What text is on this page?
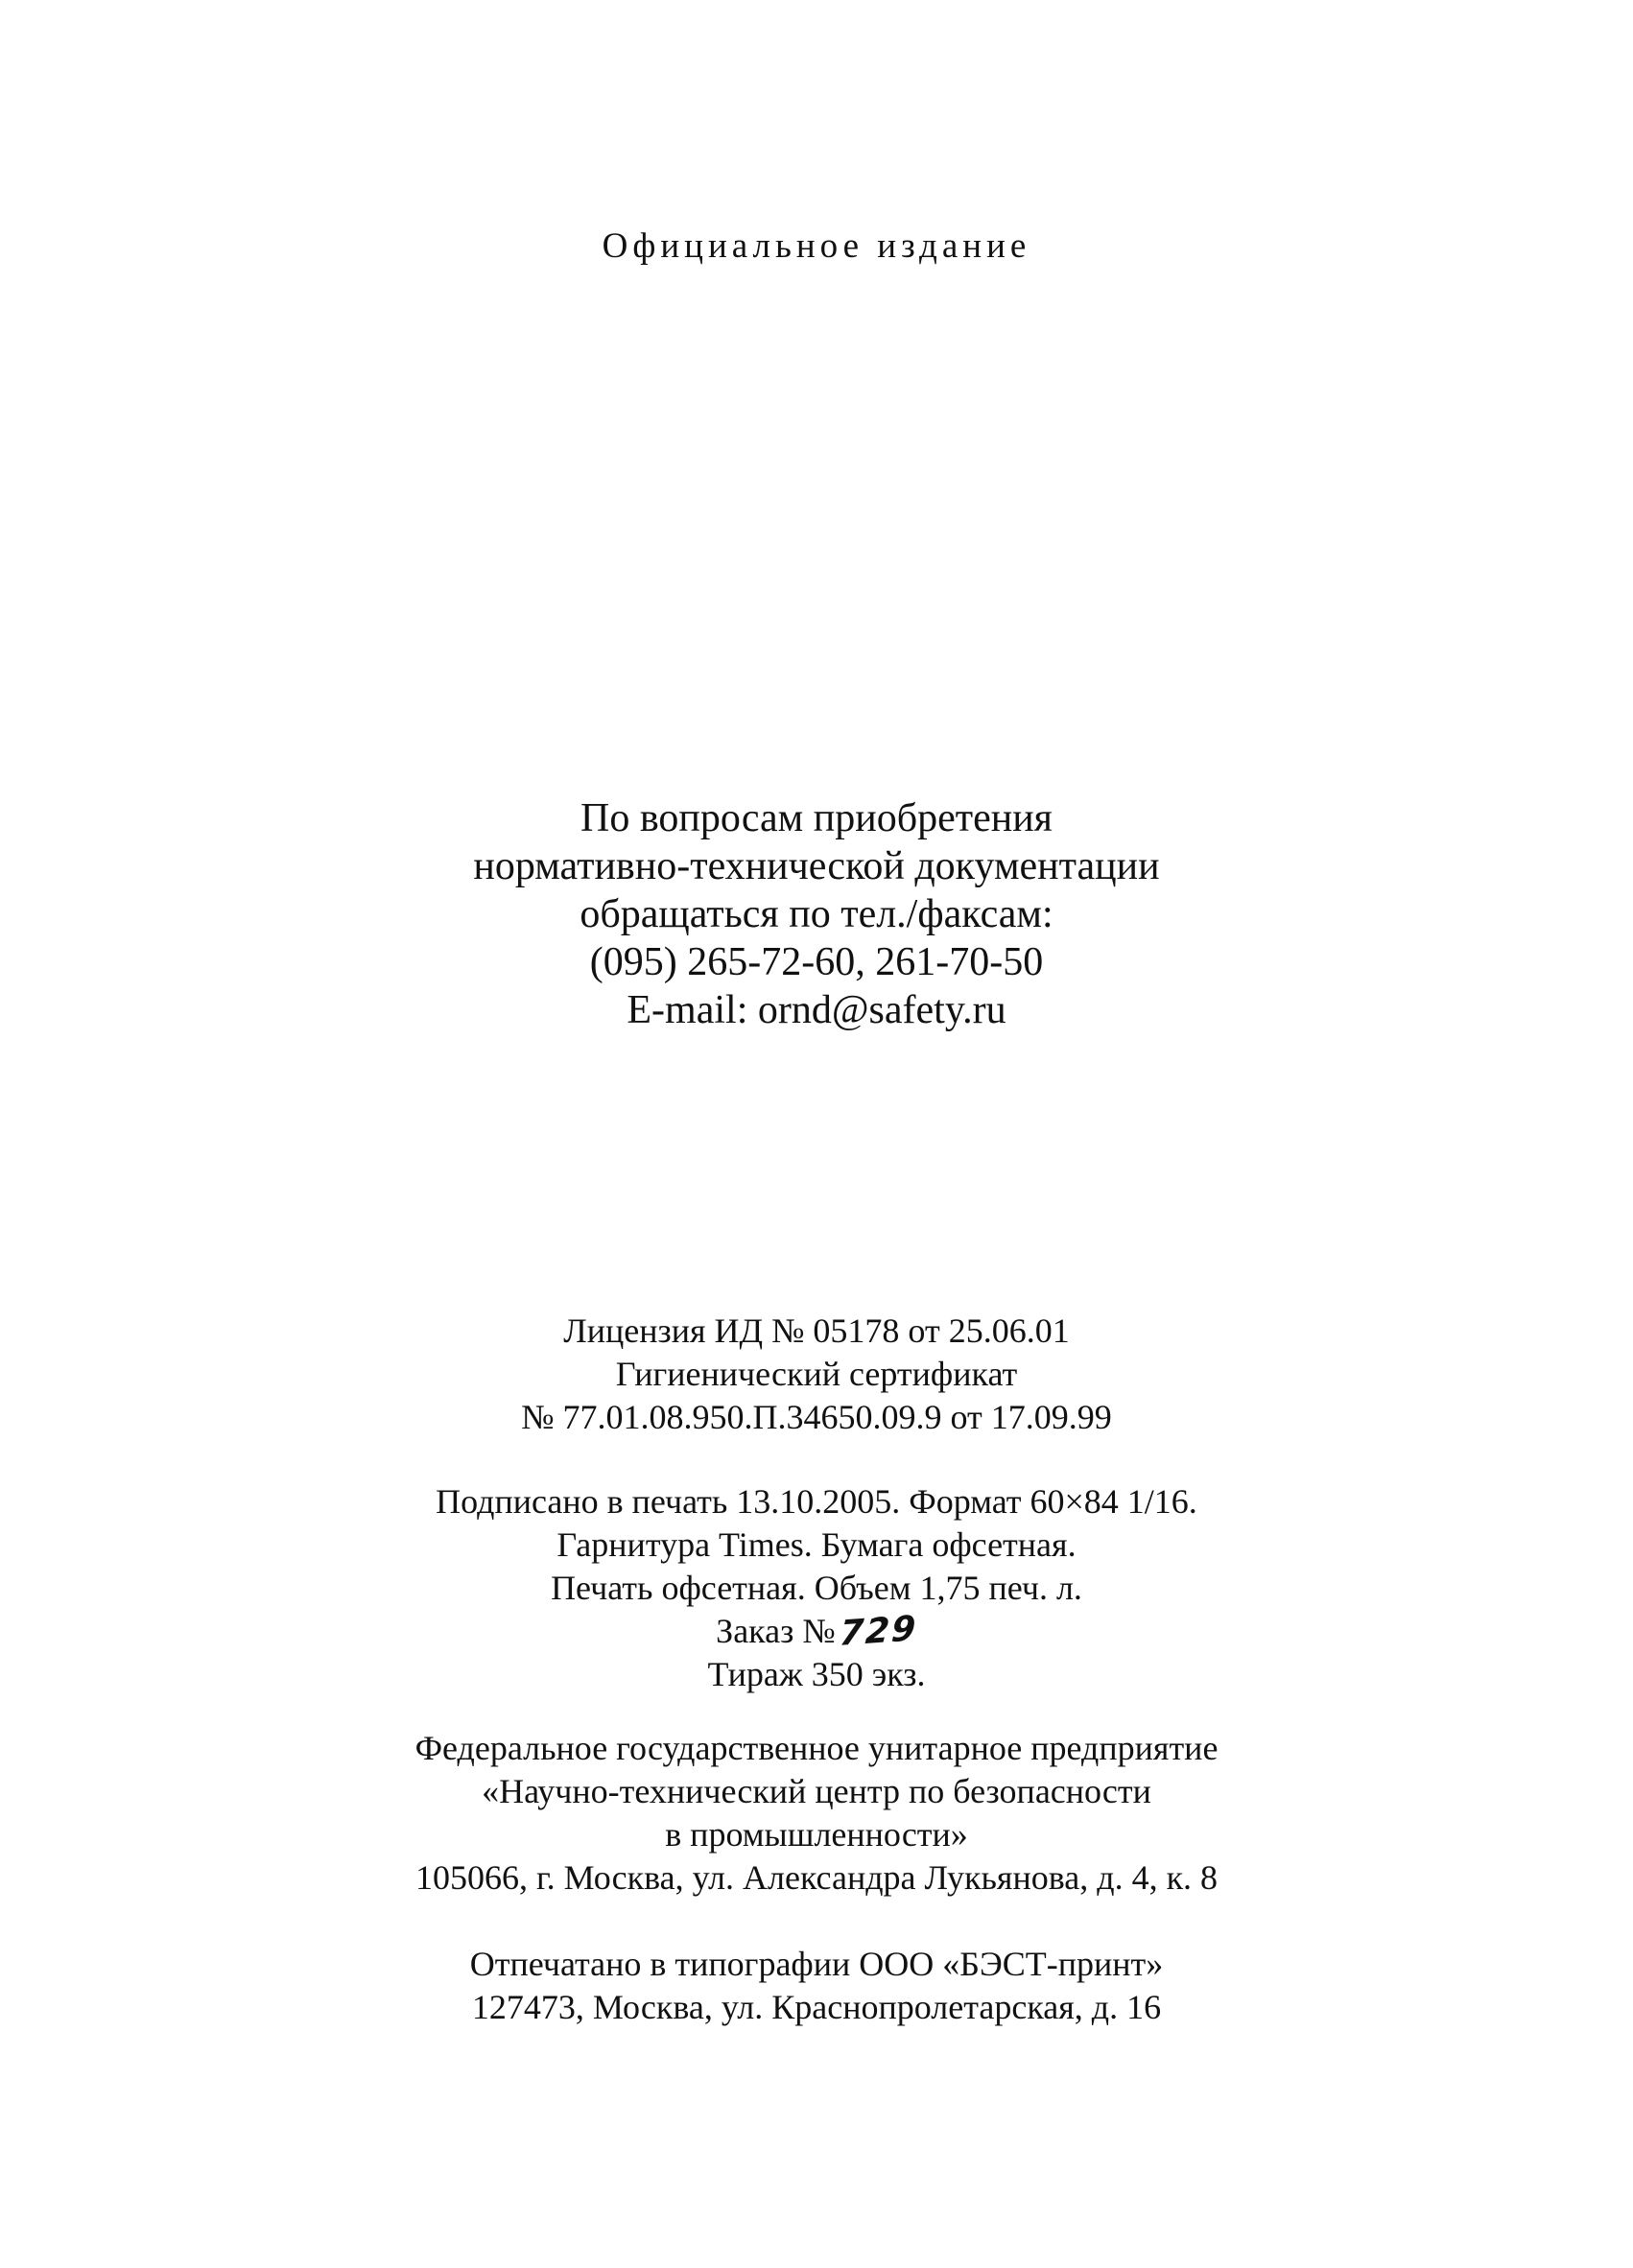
Официальное издание
По вопросам приобретения
нормативно-технической документации
обращаться по тел./факсам:
(095) 265-72-60, 261-70-50
E-mail: ornd@safety.ru
Лицензия ИД № 05178 от 25.06.01
Гигиенический сертификат
№ 77.01.08.950.П.34650.09.9 от 17.09.99
Подписано в печать 13.10.2005. Формат 60×84 1/16.
Гарнитура Times. Бумага офсетная.
Печать офсетная. Объем 1,75 печ. л.
Заказ №729
Тираж 350 экз.
Федеральное государственное унитарное предприятие
«Научно-технический центр по безопасности
в промышленности»
105066, г. Москва, ул. Александра Лукьянова, д. 4, к. 8
Отпечатано в типографии ООО «БЭСТ-принт»
127473, Москва, ул. Краснопролетарская, д. 16
